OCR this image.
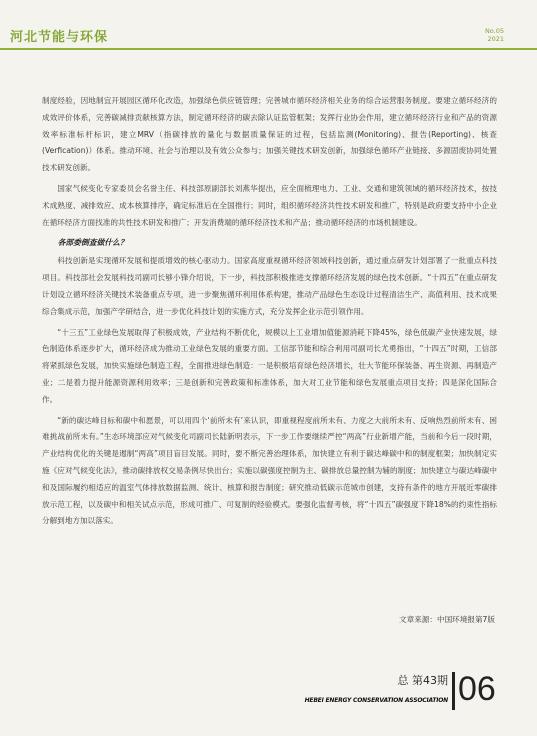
河北节能与环保	No.05
2021

制度经验，因地制宜开展园区循环化改造，加强绿色供应链管理；完善城市循环经济相关业务的综合运营服务制度。要建立循环经济的成效评价体系，完善碳减排贡献核算方法，制定循环经济的碳去除认证监管框架；发挥行业协会作用，建立循环经济行业和产品的资源效率标准标杆标识，建立MRV（指碳排放的量化与数据质量保证的过程，包括监测(Monitoring)、报告(Reporting)、核查(Verfication)）体系。推动环境、社会与治理以及有效公众参与；加强关键技术研发创新，加强绿色循环产业链接、多源固废协同处置技术研发创新。

国家气候变化专家委员会名誉主任、科技部原副部长刘燕华提出，应全面梳理电力、工业、交通和建筑领域的循环经济技术，按技术成熟度、减排效应、成本核算排序，确定标准后在全国推行；同时，组织循环经济共性技术研发和推广，特别是政府要支持中小企业在循环经济方面找准的共性技术研发和推广；开发消费端的循环经济技术和产品；推动循环经济的市场机制建设。

各部委倒查做什么？

科技创新是实现循环发展和提质增效的核心驱动力。国家高度重视循环经济领域科技创新，通过重点研发计划部署了一批重点科技项目。科技部社会发展科技司副司长够小锋介绍说，下一步，科技部积极推进支撑循环经济发展的绿色技术创新。“十四五”在重点研发计划设立循环经济关键技术装备重点专项，进一步聚焦循环利用体系构建，推动产品绿色生态设计过程清洁生产、高值利用、技术成果综合集成示范，加强产学研结合，进一步优化科技计划的实施方式，充分发挥企业示范引领作用。

“十三五”工业绿色发展取得了积极成效，产业结构不断优化，规模以上工业增加值能源消耗下降45%，绿色低碳产业快速发展，绿色制造体系逐步扩大，循环经济成为推动工业绿色发展的重要方面。工信部节能和综合利用司副司长尤勇指出，“十四五”时期，工信部将紧抓绿色发展，加快实施绿色制造工程，全面推进绿色制造：一是积极培育绿色经济增长，壮大节能环保装备、再生资源、再制造产业；二是着力提升能源资源利用效率；三是创新和完善政策和标准体系，加大对工业节能和绿色发展重点项目支持；四是深化国际合作。

“新的碳达峰目标和碳中和愿景，可以用四个‘前所未有’来认识，即重视程度前所未有、力度之大前所未有、反响热烈前所未有、困难挑战前所未有。”生态环境部应对气候变化司副司长陆新明表示，下一步工作要继续严控“两高”行业新增产能，当前和今后一段时期，产业结构优化的关键是遏制“两高”项目盲目发展。同时，要不断完善治理体系，加快建立有利于碳达峰碳中和的制度框架；加快制定实施《应对气候变化法》，推动碳排放权交易条例尽快出台；实施以碳强度控制为主、碳排放总量控制为辅的制度；加快建立与碳达峰碳中和及国际履约相适应的温室气体排放数据监测、统计、核算和报告制度；研究推动低碳示范城市创建，支持有条件的地方开展近零碳排放示范工程，以及碳中和相关试点示范，形成可推广、可复制的经验模式。要强化监督考核，将“十四五”碳强度下降18%的约束性指标分解到地方加以落实。

文章来源：中国环境报第7版
总 第43期
HEBEI ENERGY CONSERVATION ASSOCIATION 06
